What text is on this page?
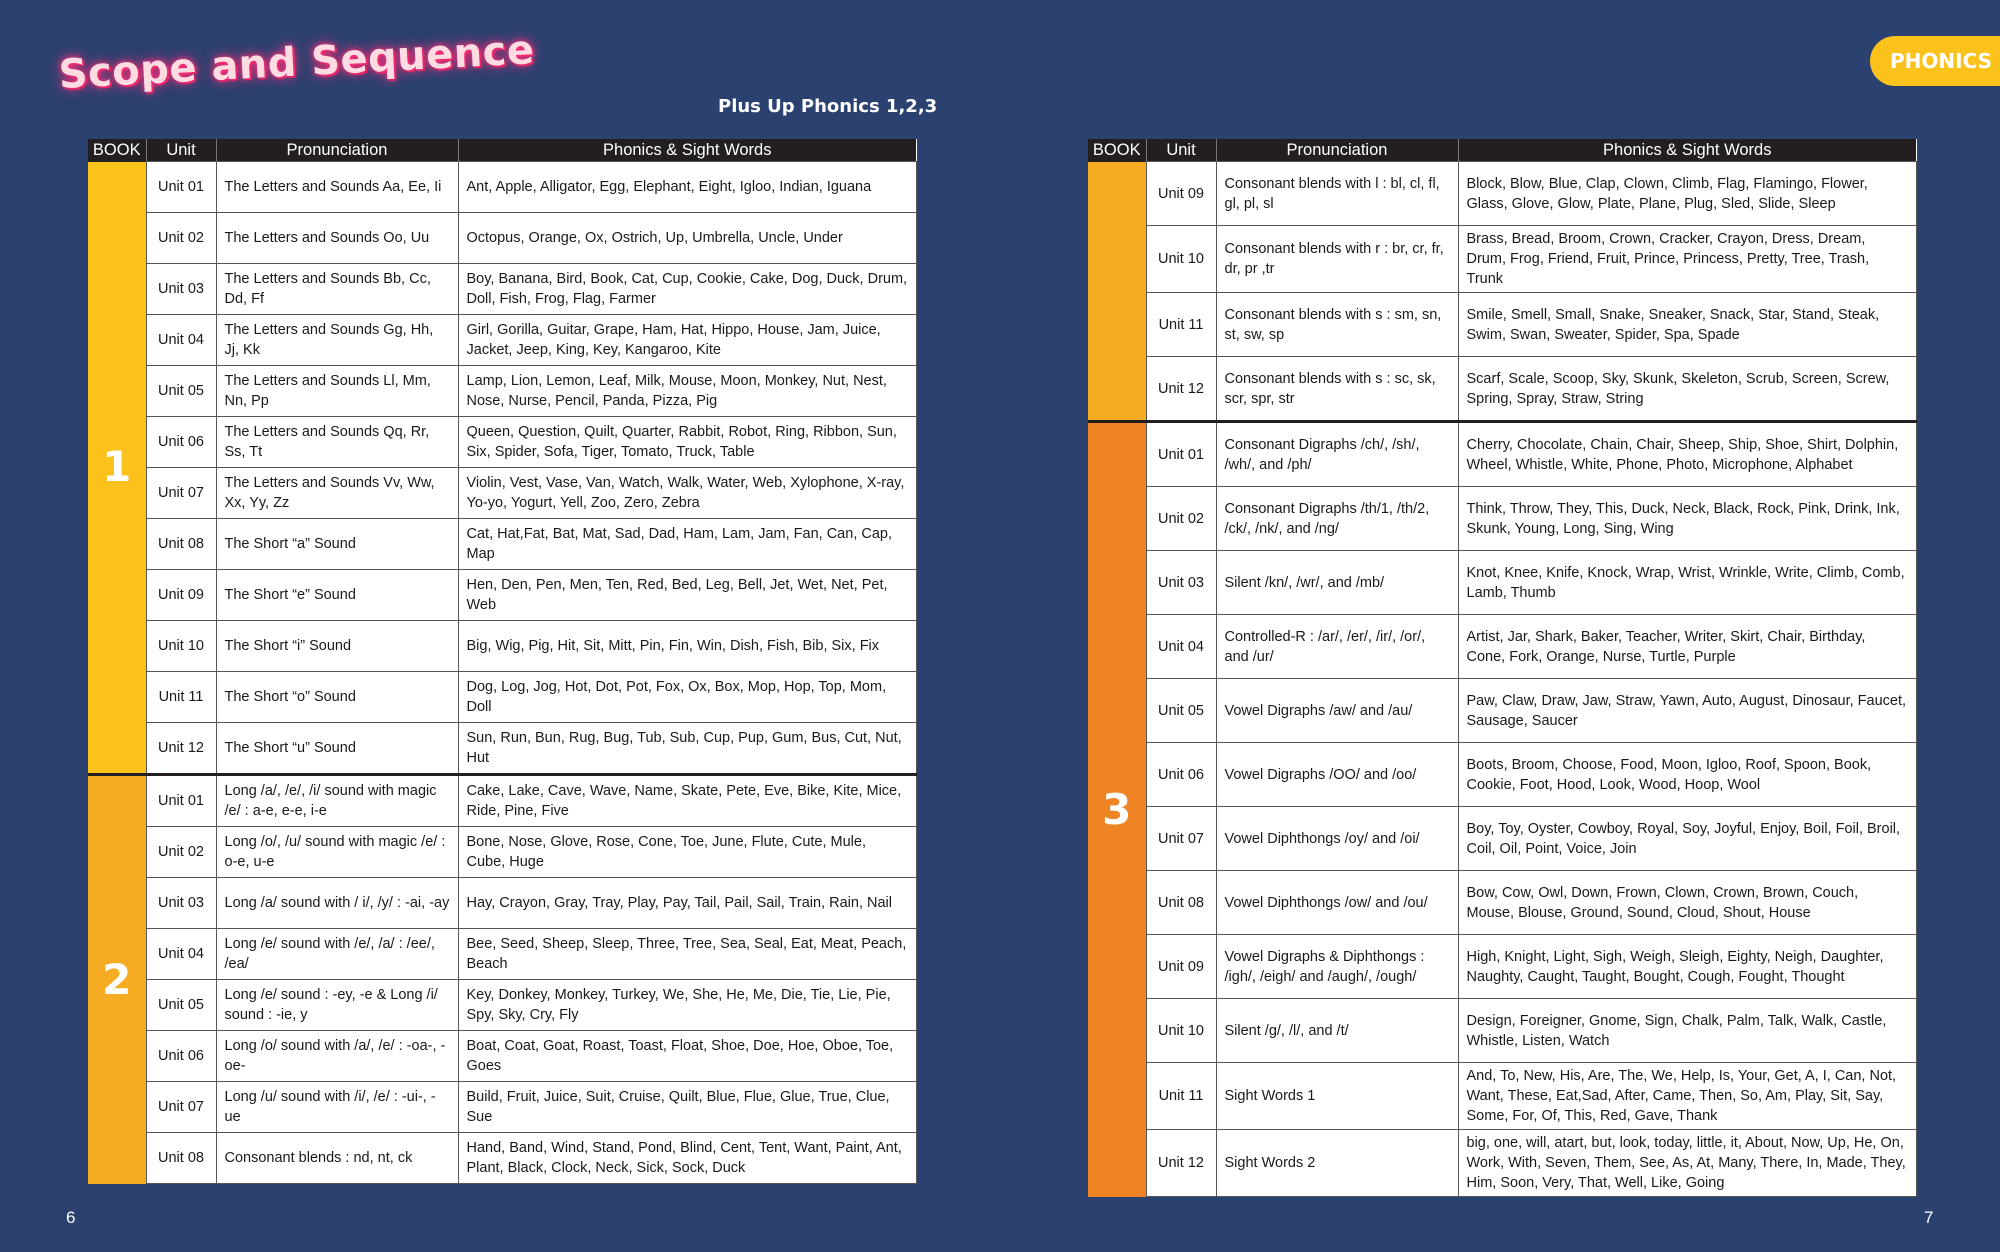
Scope and Sequence
Plus Up Phonics 1,2,3
PHONICS
6	7
BOOK	Unit	Pronunciation	Phonics & Sight Words
1	Unit 01	The Letters and Sounds Aa, Ee, Ii	Ant, Apple, Alligator, Egg, Elephant, Eight, Igloo, Indian, Iguana
	Unit 02	The Letters and Sounds Oo, Uu	Octopus, Orange, Ox, Ostrich, Up, Umbrella, Uncle, Under
	Unit 03	The Letters and Sounds Bb, Cc, Dd, Ff	Boy, Banana, Bird, Book, Cat, Cup, Cookie, Cake, Dog, Duck, Drum, Doll, Fish, Frog, Flag, Farmer
	Unit 04	The Letters and Sounds Gg, Hh, Jj, Kk	Girl, Gorilla, Guitar, Grape, Ham, Hat, Hippo, House, Jam, Juice, Jacket, Jeep, King, Key, Kangaroo, Kite
	Unit 05	The Letters and Sounds Ll, Mm, Nn, Pp	Lamp, Lion, Lemon, Leaf, Milk, Mouse, Moon, Monkey, Nut, Nest, Nose, Nurse, Pencil, Panda, Pizza, Pig
	Unit 06	The Letters and Sounds Qq, Rr, Ss, Tt	Queen, Question, Quilt, Quarter, Rabbit, Robot, Ring, Ribbon, Sun, Six, Spider, Sofa, Tiger, Tomato, Truck, Table
	Unit 07	The Letters and Sounds Vv, Ww, Xx, Yy, Zz	Violin, Vest, Vase, Van, Watch, Walk, Water, Web, Xylophone, X-ray, Yo-yo, Yogurt, Yell, Zoo, Zero, Zebra
	Unit 08	The Short “a” Sound	Cat, Hat,Fat, Bat, Mat, Sad, Dad, Ham, Lam, Jam, Fan, Can, Cap, Map
	Unit 09	The Short “e” Sound	Hen, Den, Pen, Men, Ten, Red, Bed, Leg, Bell, Jet, Wet, Net, Pet, Web
	Unit 10	The Short “i” Sound	Big, Wig, Pig, Hit, Sit, Mitt, Pin, Fin, Win, Dish, Fish, Bib, Six, Fix
	Unit 11	The Short “o” Sound	Dog, Log, Jog, Hot, Dot, Pot, Fox, Ox, Box, Mop, Hop, Top, Mom, Doll
	Unit 12	The Short “u” Sound	Sun, Run, Bun, Rug, Bug, Tub, Sub, Cup, Pup, Gum, Bus, Cut, Nut, Hut
2	Unit 01	Long /a/, /e/, /i/ sound with magic /e/ : a-e, e-e, i-e	Cake, Lake, Cave, Wave, Name, Skate, Pete, Eve, Bike, Kite, Mice, Ride, Pine, Five
	Unit 02	Long /o/, /u/ sound with magic /e/ : o-e, u-e	Bone, Nose, Glove, Rose, Cone, Toe, June, Flute, Cute, Mule, Cube, Huge
	Unit 03	Long /a/ sound with / i/, /y/ : -ai, -ay	Hay, Crayon, Gray, Tray, Play, Pay, Tail, Pail, Sail, Train, Rain, Nail
	Unit 04	Long /e/ sound with /e/, /a/ : /ee/, /ea/	Bee, Seed, Sheep, Sleep, Three, Tree, Sea, Seal, Eat, Meat, Peach, Beach
	Unit 05	Long /e/ sound : -ey, -e & Long /i/ sound : -ie, y	Key, Donkey, Monkey, Turkey, We, She, He, Me, Die, Tie, Lie, Pie, Spy, Sky, Cry, Fly
	Unit 06	Long /o/ sound with /a/, /e/ : -oa-, -oe-	Boat, Coat, Goat, Roast, Toast, Float, Shoe, Doe, Hoe, Oboe, Toe, Goes
	Unit 07	Long /u/ sound with /i/, /e/ : -ui-, -ue	Build, Fruit, Juice, Suit, Cruise, Quilt, Blue, Flue, Glue, True, Clue, Sue
	Unit 08	Consonant blends : nd, nt, ck	Hand, Band, Wind, Stand, Pond, Blind, Cent, Tent, Want, Paint, Ant, Plant, Black, Clock, Neck, Sick, Sock, Duck
BOOK	Unit	Pronunciation	Phonics & Sight Words
	Unit 09	Consonant blends with l : bl, cl, fl, gl, pl, sl	Block, Blow, Blue, Clap, Clown, Climb, Flag, Flamingo, Flower, Glass, Glove, Glow, Plate, Plane, Plug, Sled, Slide, Sleep
	Unit 10	Consonant blends with r : br, cr, fr, dr, pr ,tr	Brass, Bread, Broom, Crown, Cracker, Crayon, Dress, Dream, Drum, Frog, Friend, Fruit, Prince, Princess, Pretty, Tree, Trash, Trunk
	Unit 11	Consonant blends with s : sm, sn, st, sw, sp	Smile, Smell, Small, Snake, Sneaker, Snack, Star, Stand, Steak, Swim, Swan, Sweater, Spider, Spa, Spade
	Unit 12	Consonant blends with s : sc, sk, scr, spr, str	Scarf, Scale, Scoop, Sky, Skunk, Skeleton, Scrub, Screen, Screw, Spring, Spray, Straw, String
3	Unit 01	Consonant Digraphs /ch/, /sh/, /wh/, and /ph/	Cherry, Chocolate, Chain, Chair, Sheep, Ship, Shoe, Shirt, Dolphin, Wheel, Whistle, White, Phone, Photo, Microphone, Alphabet
	Unit 02	Consonant Digraphs /th/1, /th/2, /ck/, /nk/, and /ng/	Think, Throw, They, This, Duck, Neck, Black, Rock, Pink, Drink, Ink, Skunk, Young, Long, Sing, Wing
	Unit 03	Silent /kn/, /wr/, and /mb/	Knot, Knee, Knife, Knock, Wrap, Wrist, Wrinkle, Write, Climb, Comb, Lamb, Thumb
	Unit 04	Controlled-R : /ar/, /er/, /ir/, /or/, and /ur/	Artist, Jar, Shark, Baker, Teacher, Writer, Skirt, Chair, Birthday, Cone, Fork, Orange, Nurse, Turtle, Purple
	Unit 05	Vowel Digraphs /aw/ and /au/	Paw, Claw, Draw, Jaw, Straw, Yawn, Auto, August, Dinosaur, Faucet, Sausage, Saucer
	Unit 06	Vowel Digraphs /OO/ and /oo/	Boots, Broom, Choose, Food, Moon, Igloo, Roof, Spoon, Book, Cookie, Foot, Hood, Look, Wood, Hoop, Wool
	Unit 07	Vowel Diphthongs /oy/ and /oi/	Boy, Toy, Oyster, Cowboy, Royal, Soy, Joyful, Enjoy, Boil, Foil, Broil, Coil, Oil, Point, Voice, Join
	Unit 08	Vowel Diphthongs /ow/ and /ou/	Bow, Cow, Owl, Down, Frown, Clown, Crown, Brown, Couch, Mouse, Blouse, Ground, Sound, Cloud, Shout, House
	Unit 09	Vowel Digraphs & Diphthongs : /igh/, /eigh/ and /augh/, /ough/	High, Knight, Light, Sigh, Weigh, Sleigh, Eighty, Neigh, Daughter, Naughty, Caught, Taught, Bought, Cough, Fought, Thought
	Unit 10	Silent /g/, /l/, and /t/	Design, Foreigner, Gnome, Sign, Chalk, Palm, Talk, Walk, Castle, Whistle, Listen, Watch
	Unit 11	Sight Words 1	And, To, New, His, Are, The, We, Help, Is, Your, Get, A, I, Can, Not, Want, These, Eat,Sad, After, Came, Then, So, Am, Play, Sit, Say, Some, For, Of, This, Red, Gave, Thank
	Unit 12	Sight Words 2	big, one, will, atart, but, look, today, little, it, About, Now, Up, He, On, Work, With, Seven, Them, See, As, At, Many, There, In, Made, They, Him, Soon, Very, That, Well, Like, Going
